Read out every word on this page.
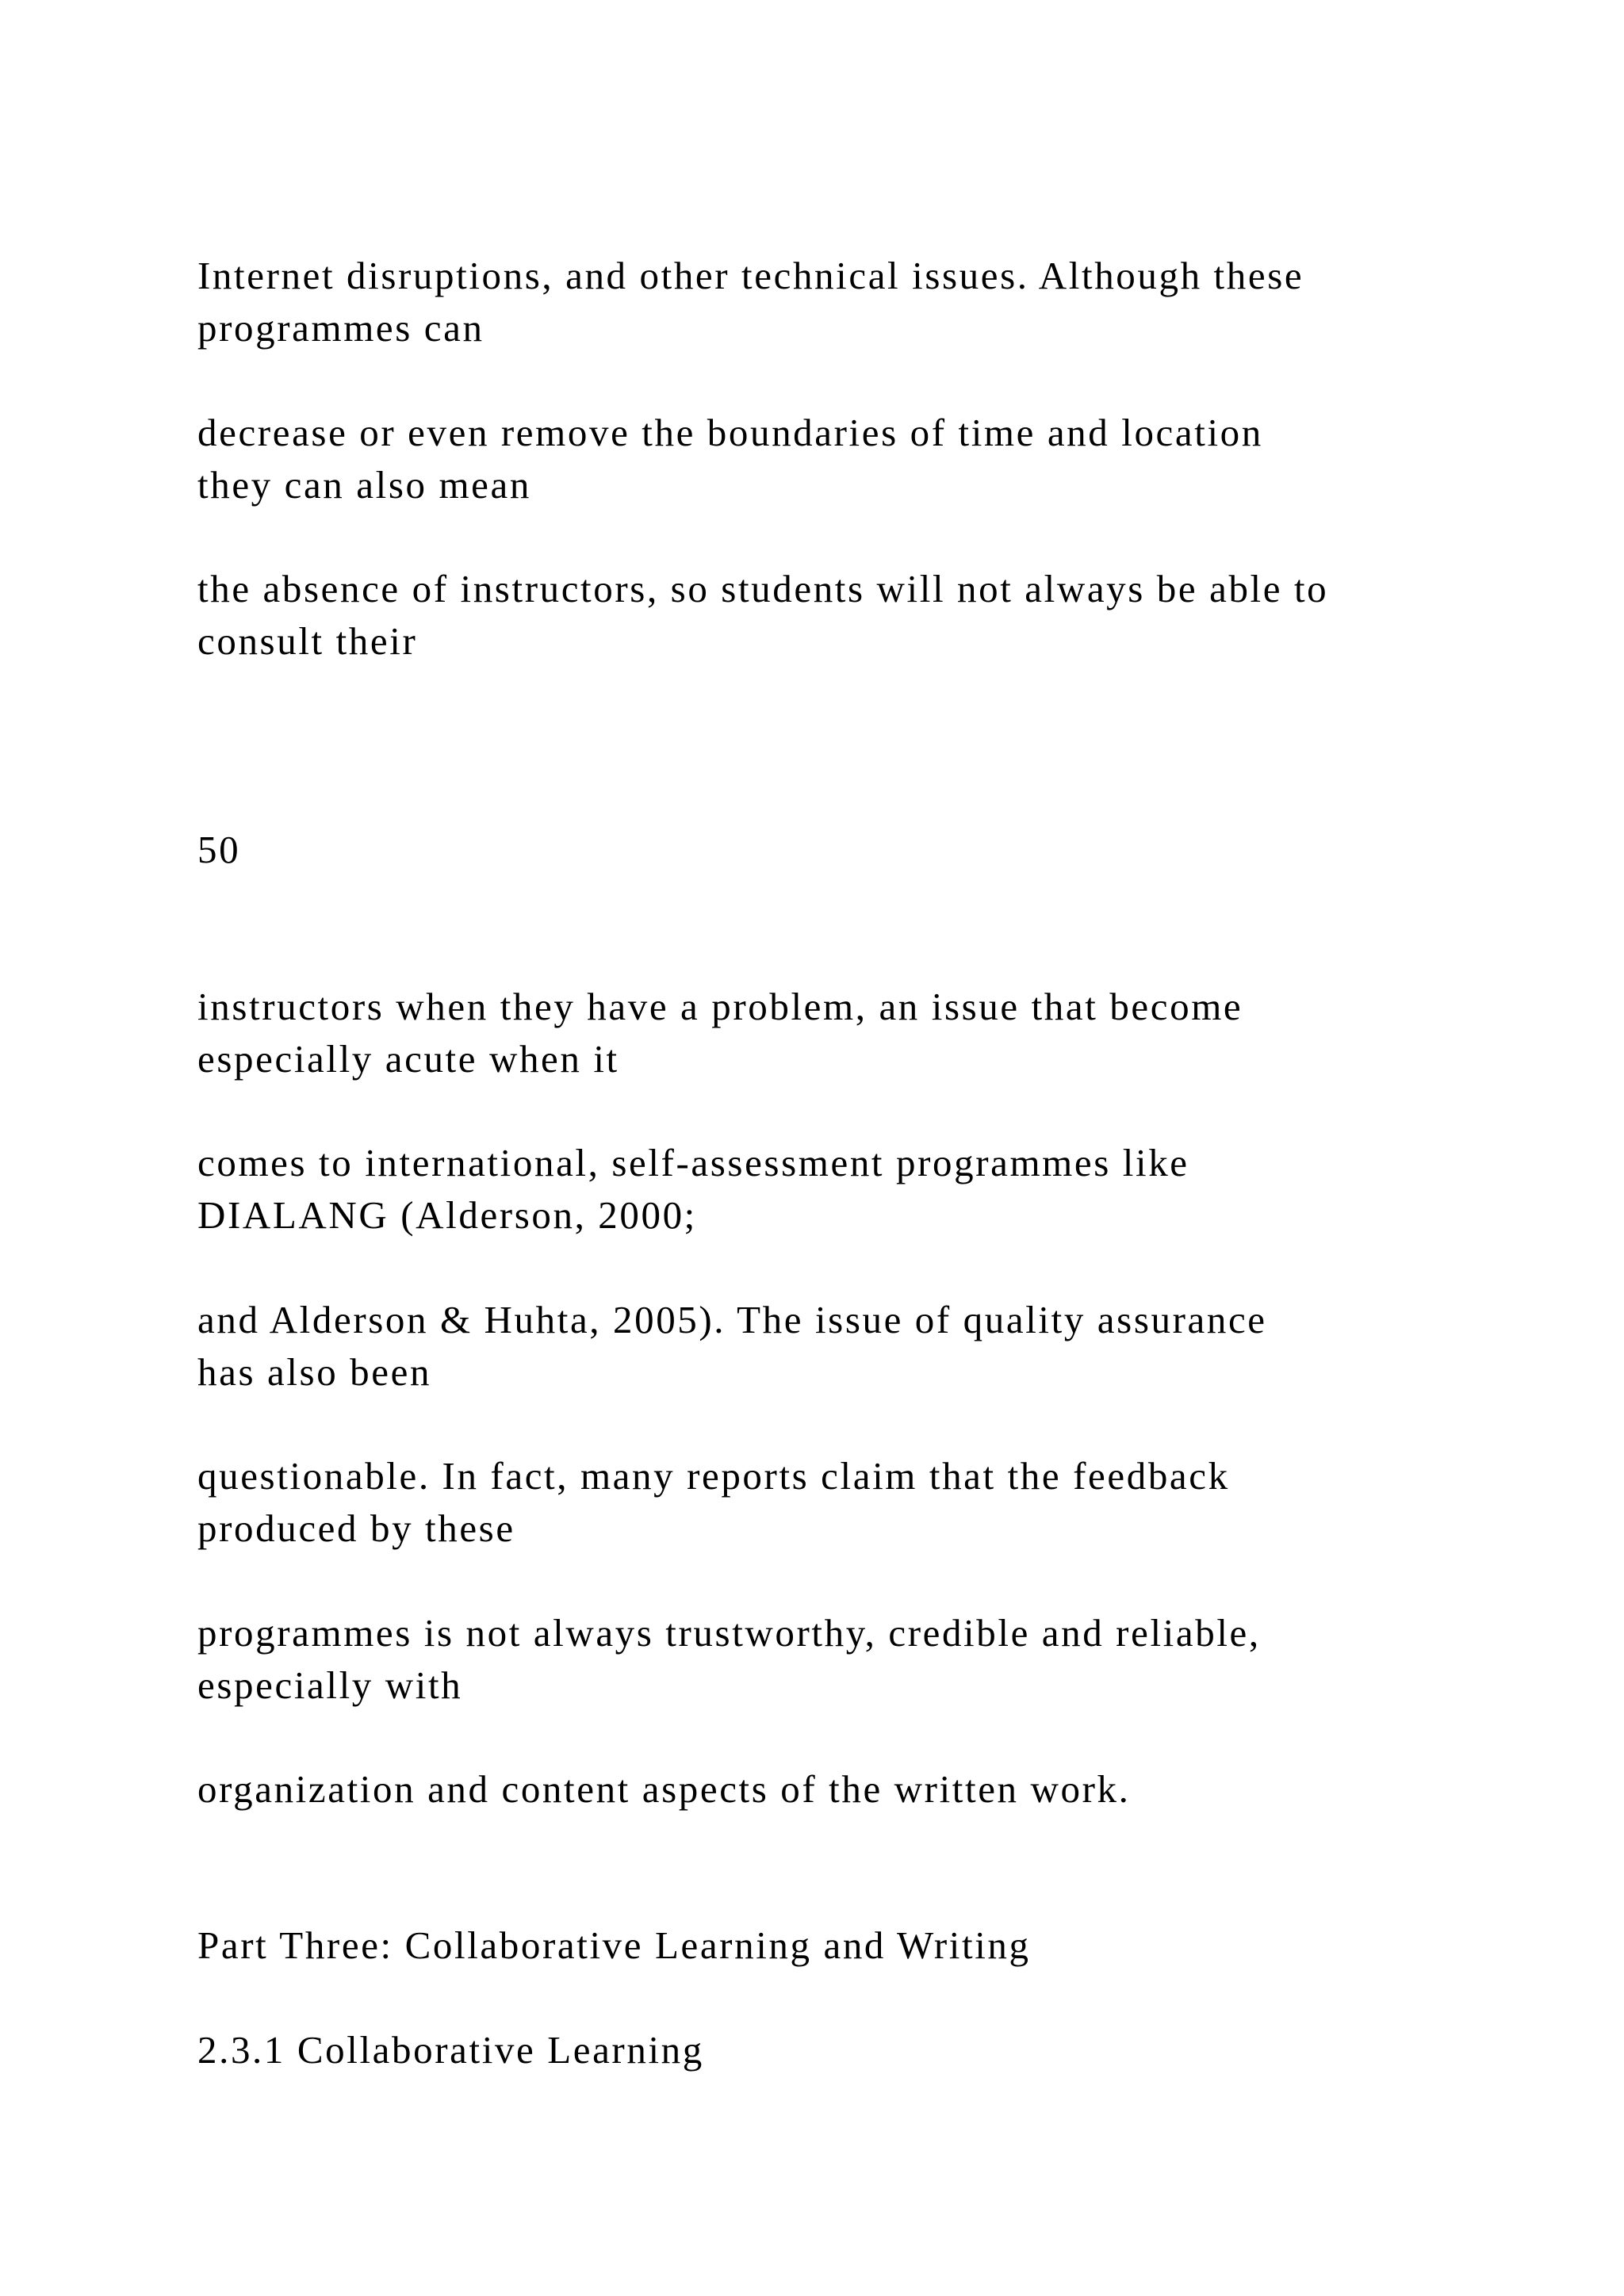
Internet disruptions, and other technical issues. Although these

programmes can

decrease or even remove the boundaries of time and location

they can also mean

the absence of instructors, so students will not always be able to

consult their

50

instructors when they have a problem, an issue that become

especially acute when it

comes to international, self-assessment programmes like

DIALANG (Alderson, 2000;

and Alderson & Huhta, 2005). The issue of quality assurance

has also been

questionable. In fact, many reports claim that the feedback

produced by these

programmes is not always trustworthy, credible and reliable,

especially with

organization and content aspects of the written work.

Part Three: Collaborative Learning and Writing

2.3.1 Collaborative Learning
